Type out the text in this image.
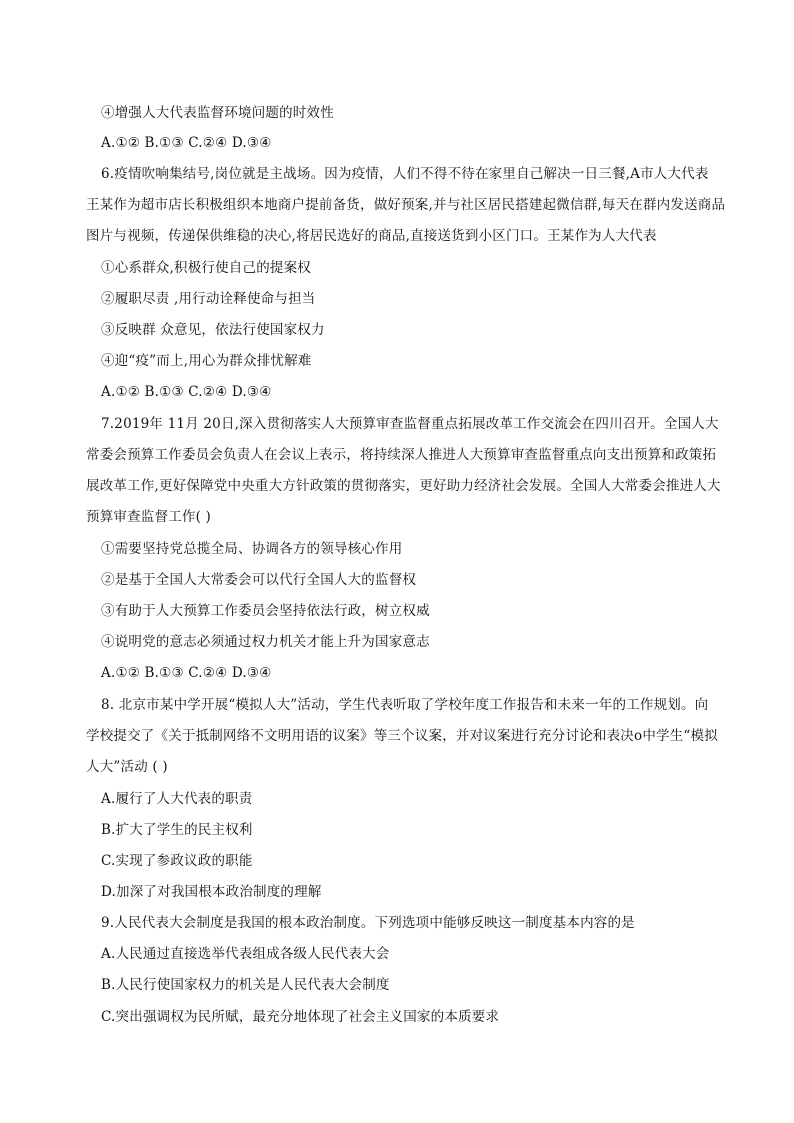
④增强人大代表监督环境问题的时效性
A.①② B.①③ C.②④ D.③④
6.疫情吹响集结号,岗位就是主战场。因为疫情，人们不得不待在家里自己解决一日三餐,A市人大代表
王某作为超市店长积极组织本地商户提前备货，做好预案,并与社区居民搭建起微信群,每天在群内发送商品
图片与视频，传递保供维稳的决心,将居民选好的商品,直接送货到小区门口。王某作为人大代表
①心系群众,积极行使自己的提案权
②履职尽责 ,用行动诠释使命与担当
③反映群 众意见，依法行使国家权力
④迎“疫”而上,用心为群众排忧解难
A.①② B.①③ C.②④ D.③④
7.2019年 11月 20日,深入贯彻落实人大预算审查监督重点拓展改革工作交流会在四川召开。全国人大
常委会预算工作委员会负责人在会议上表示，将持续深人推进人大预算审查监督重点向支出预算和政策拓
展改革工作,更好保障党中央重大方针政策的贯彻落实，更好助力经济社会发展。全国人大常委会推进人大
预算审查监督工作( )
①需要坚持党总揽全局、协调各方的领导核心作用
②是基于全国人大常委会可以代行全国人大的监督权
③有助于人大预算工作委员会坚持依法行政，树立权威
④说明党的意志必须通过权力机关才能上升为国家意志
A.①② B.①③ C.②④ D.③④
8. 北京市某中学开展“模拟人大”活动，学生代表听取了学校年度工作报告和未来一年的工作规划。向
学校提交了《关于抵制网络不文明用语的议案》等三个议案，并对议案进行充分讨论和表决o中学生“模拟
人大”活动 ( )
A.履行了人大代表的职责
B.扩大了学生的民主权利
C.实现了参政议政的职能
D.加深了对我国根本政治制度的理解
9.人民代表大会制度是我国的根本政治制度。下列选项中能够反映这一制度基本内容的是
A.人民通过直接选举代表组成各级人民代表大会
B.人民行使国家权力的机关是人民代表大会制度
C.突出强调权为民所赋，最充分地体现了社会主义国家的本质要求
